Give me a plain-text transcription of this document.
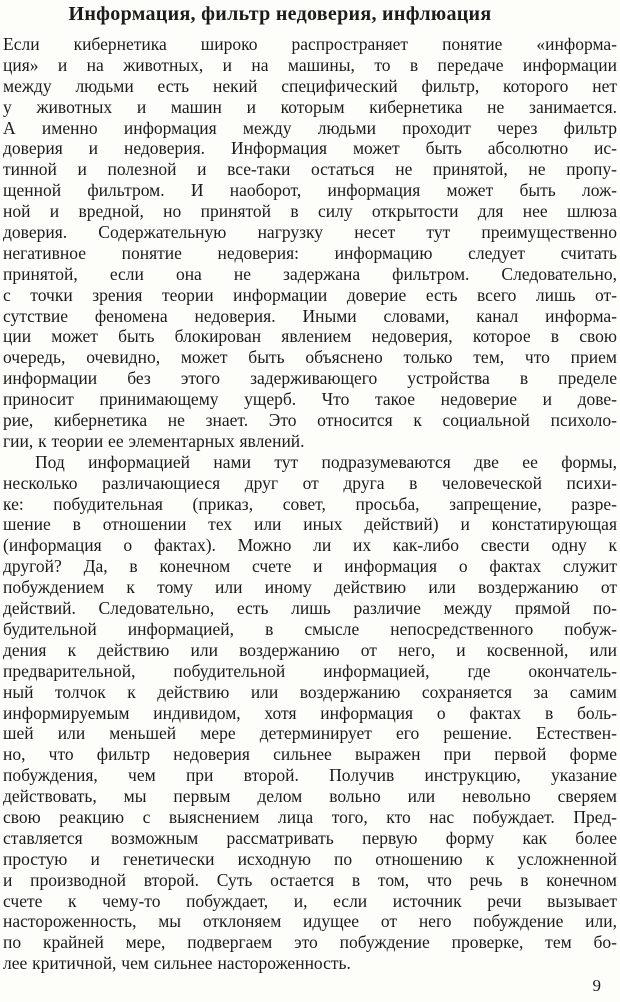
Информация, фильтр недоверия, инфлюация
Если кибернетика широко распространяет понятие «информа-
ция» и на животных, и на машины, то в передаче информации
между людьми есть некий специфический фильтр, которого нет
у животных и машин и которым кибернетика не занимается.
А именно информация между людьми проходит через фильтр
доверия и недоверия. Информация может быть абсолютно ис-
тинной и полезной и все-таки остаться не принятой, не пропу-
щенной фильтром. И наоборот, информация может быть лож-
ной и вредной, но принятой в силу открытости для нее шлюза
доверия. Содержательную нагрузку несет тут преимущественно
негативное понятие недоверия: информацию следует считать
принятой, если она не задержана фильтром. Следовательно,
с точки зрения теории информации доверие есть всего лишь от-
сутствие феномена недоверия. Иными словами, канал информа-
ции может быть блокирован явлением недоверия, которое в свою
очередь, очевидно, может быть объяснено только тем, что прием
информации без этого задерживающего устройства в пределе
приносит принимающему ущерб. Что такое недоверие и дове-
рие, кибернетика не знает. Это относится к социальной психоло-
гии, к теории ее элементарных явлений.
Под информацией нами тут подразумеваются две ее формы,
несколько различающиеся друг от друга в человеческой психи-
ке: побудительная (приказ, совет, просьба, запрещение, разре-
шение в отношении тех или иных действий) и констатирующая
(информация о фактах). Можно ли их как-либо свести одну к
другой? Да, в конечном счете и информация о фактах служит
побуждением к тому или иному действию или воздержанию от
действий. Следовательно, есть лишь различие между прямой по-
будительной информацией, в смысле непосредственного побуж-
дения к действию или воздержанию от него, и косвенной, или
предварительной, побудительной информацией, где окончатель-
ный толчок к действию или воздержанию сохраняется за самим
информируемым индивидом, хотя информация о фактах в боль-
шей или меньшей мере детерминирует его решение. Естествен-
но, что фильтр недоверия сильнее выражен при первой форме
побуждения, чем при второй. Получив инструкцию, указание
действовать, мы первым делом вольно или невольно сверяем
свою реакцию с выяснением лица того, кто нас побуждает. Пред-
ставляется возможным рассматривать первую форму как более
простую и генетически исходную по отношению к усложненной
и производной второй. Суть остается в том, что речь в конечном
счете к чему-то побуждает, и, если источник речи вызывает
настороженность, мы отклоняем идущее от него побуждение или,
по крайней мере, подвергаем это побуждение проверке, тем бо-
лее критичной, чем сильнее настороженность.
9
